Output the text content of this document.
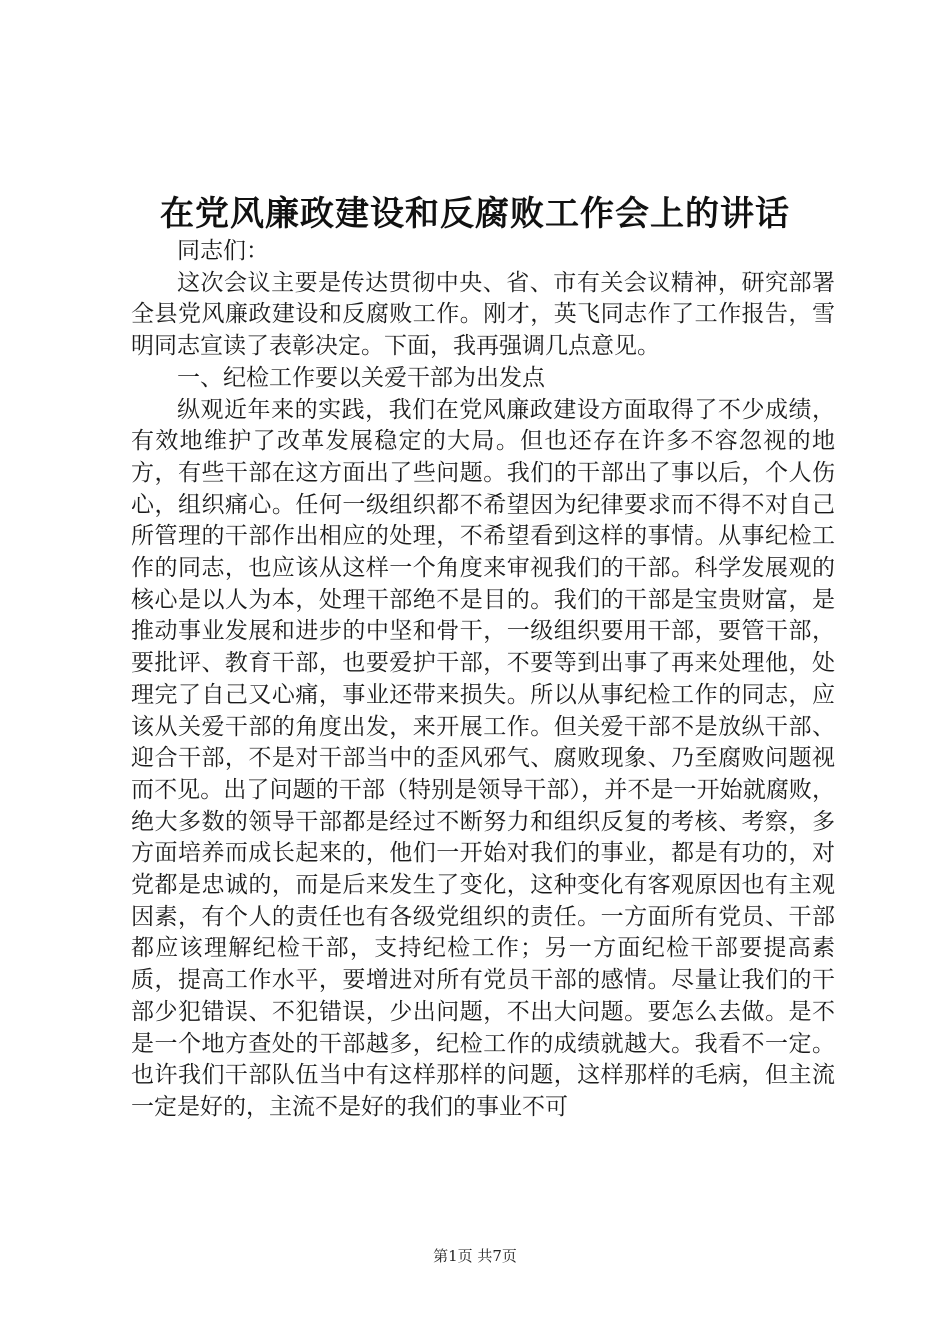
在党风廉政建设和反腐败工作会上的讲话

同志们：

这次会议主要是传达贯彻中央、省、市有关会议精神，研究部署全县党风廉政建设和反腐败工作。刚才，英飞同志作了工作报告，雪明同志宣读了表彰决定。下面，我再强调几点意见。

一、纪检工作要以关爱干部为出发点

纵观近年来的实践，我们在党风廉政建设方面取得了不少成绩，有效地维护了改革发展稳定的大局。但也还存在许多不容忽视的地方，有些干部在这方面出了些问题。我们的干部出了事以后，个人伤心，组织痛心。任何一级组织都不希望因为纪律要求而不得不对自己所管理的干部作出相应的处理，不希望看到这样的事情。从事纪检工作的同志，也应该从这样一个角度来审视我们的干部。科学发展观的核心是以人为本，处理干部绝不是目的。我们的干部是宝贵财富，是推动事业发展和进步的中坚和骨干，一级组织要用干部，要管干部，要批评、教育干部，也要爱护干部，不要等到出事了再来处理他，处理完了自己又心痛，事业还带来损失。所以从事纪检工作的同志，应该从关爱干部的角度出发，来开展工作。但关爱干部不是放纵干部、迎合干部，不是对干部当中的歪风邪气、腐败现象、乃至腐败问题视而不见。出了问题的干部（特别是领导干部），并不是一开始就腐败，绝大多数的领导干部都是经过不断努力和组织反复的考核、考察，多方面培养而成长起来的，他们一开始对我们的事业，都是有功的，对党都是忠诚的，而是后来发生了变化，这种变化有客观原因也有主观因素，有个人的责任也有各级党组织的责任。一方面所有党员、干部都应该理解纪检干部，支持纪检工作；另一方面纪检干部要提高素质，提高工作水平，要增进对所有党员干部的感情。尽量让我们的干部少犯错误、不犯错误，少出问题，不出大问题。要怎么去做。是不是一个地方查处的干部越多，纪检工作的成绩就越大。我看不一定。也许我们干部队伍当中有这样那样的问题，这样那样的毛病，但主流一定是好的，主流不是好的我们的事业不可

第1页 共7页
